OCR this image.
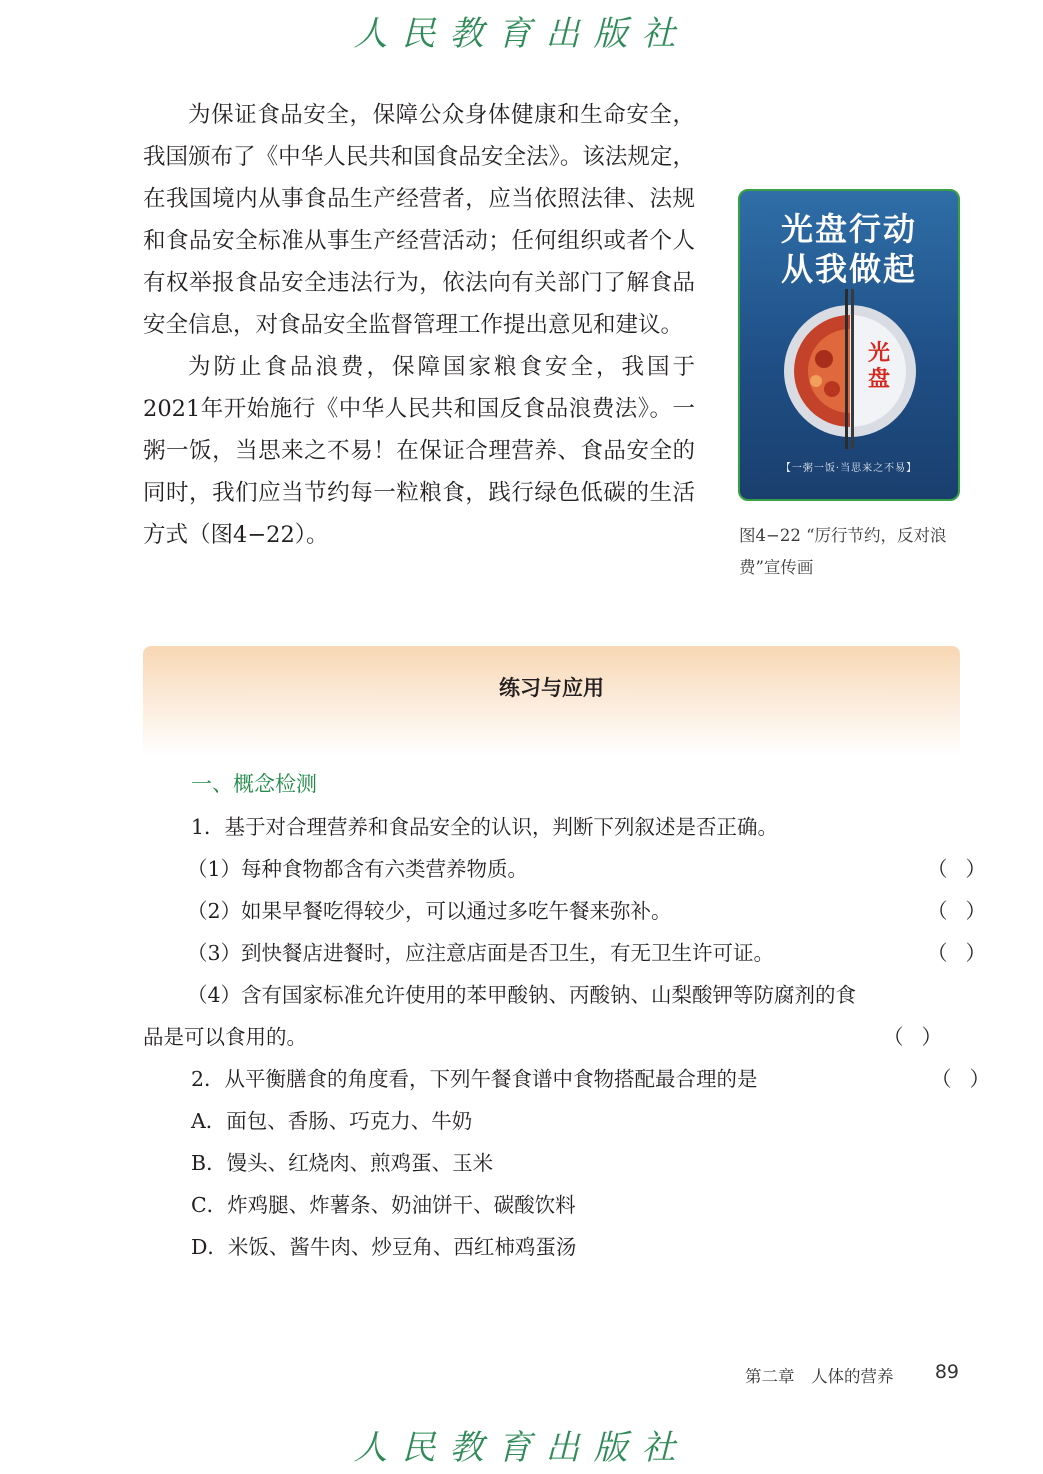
人民教育出版社

为保证食品安全，保障公众身体健康和生命安全，我国颁布了《中华人民共和国食品安全法》。该法规定，在我国境内从事食品生产经营者，应当依照法律、法规和食品安全标准从事生产经营活动；任何组织或者个人有权举报食品安全违法行为，依法向有关部门了解食品安全信息，对食品安全监督管理工作提出意见和建议。

为防止食品浪费，保障国家粮食安全，我国于2021年开始施行《中华人民共和国反食品浪费法》。一粥一饭，当思来之不易！在保证合理营养、食品安全的同时，我们应当节约每一粒粮食，践行绿色低碳的生活方式（图4−22）。

光盘行动
从我做起
光盘
【一粥一饭·当思来之不易】
图4−22 “厉行节约，反对浪费”宣传画
练习与应用
一、概念检测
1．基于对合理营养和食品安全的认识，判断下列叙述是否正确。
（1）每种食物都含有六类营养物质。	（）
（2）如果早餐吃得较少，可以通过多吃午餐来弥补。	（）
（3）到快餐店进餐时，应注意店面是否卫生，有无卫生许可证。	（）
（4）含有国家标准允许使用的苯甲酸钠、丙酸钠、山梨酸钾等防腐剂的食
品是可以食用的。	（）
2．从平衡膳食的角度看，下列午餐食谱中食物搭配最合理的是	（）
A．面包、香肠、巧克力、牛奶
B．馒头、红烧肉、煎鸡蛋、玉米
C．炸鸡腿、炸薯条、奶油饼干、碳酸饮料
D．米饭、酱牛肉、炒豆角、西红柿鸡蛋汤
第二章　人体的营养 89
人民教育出版社
